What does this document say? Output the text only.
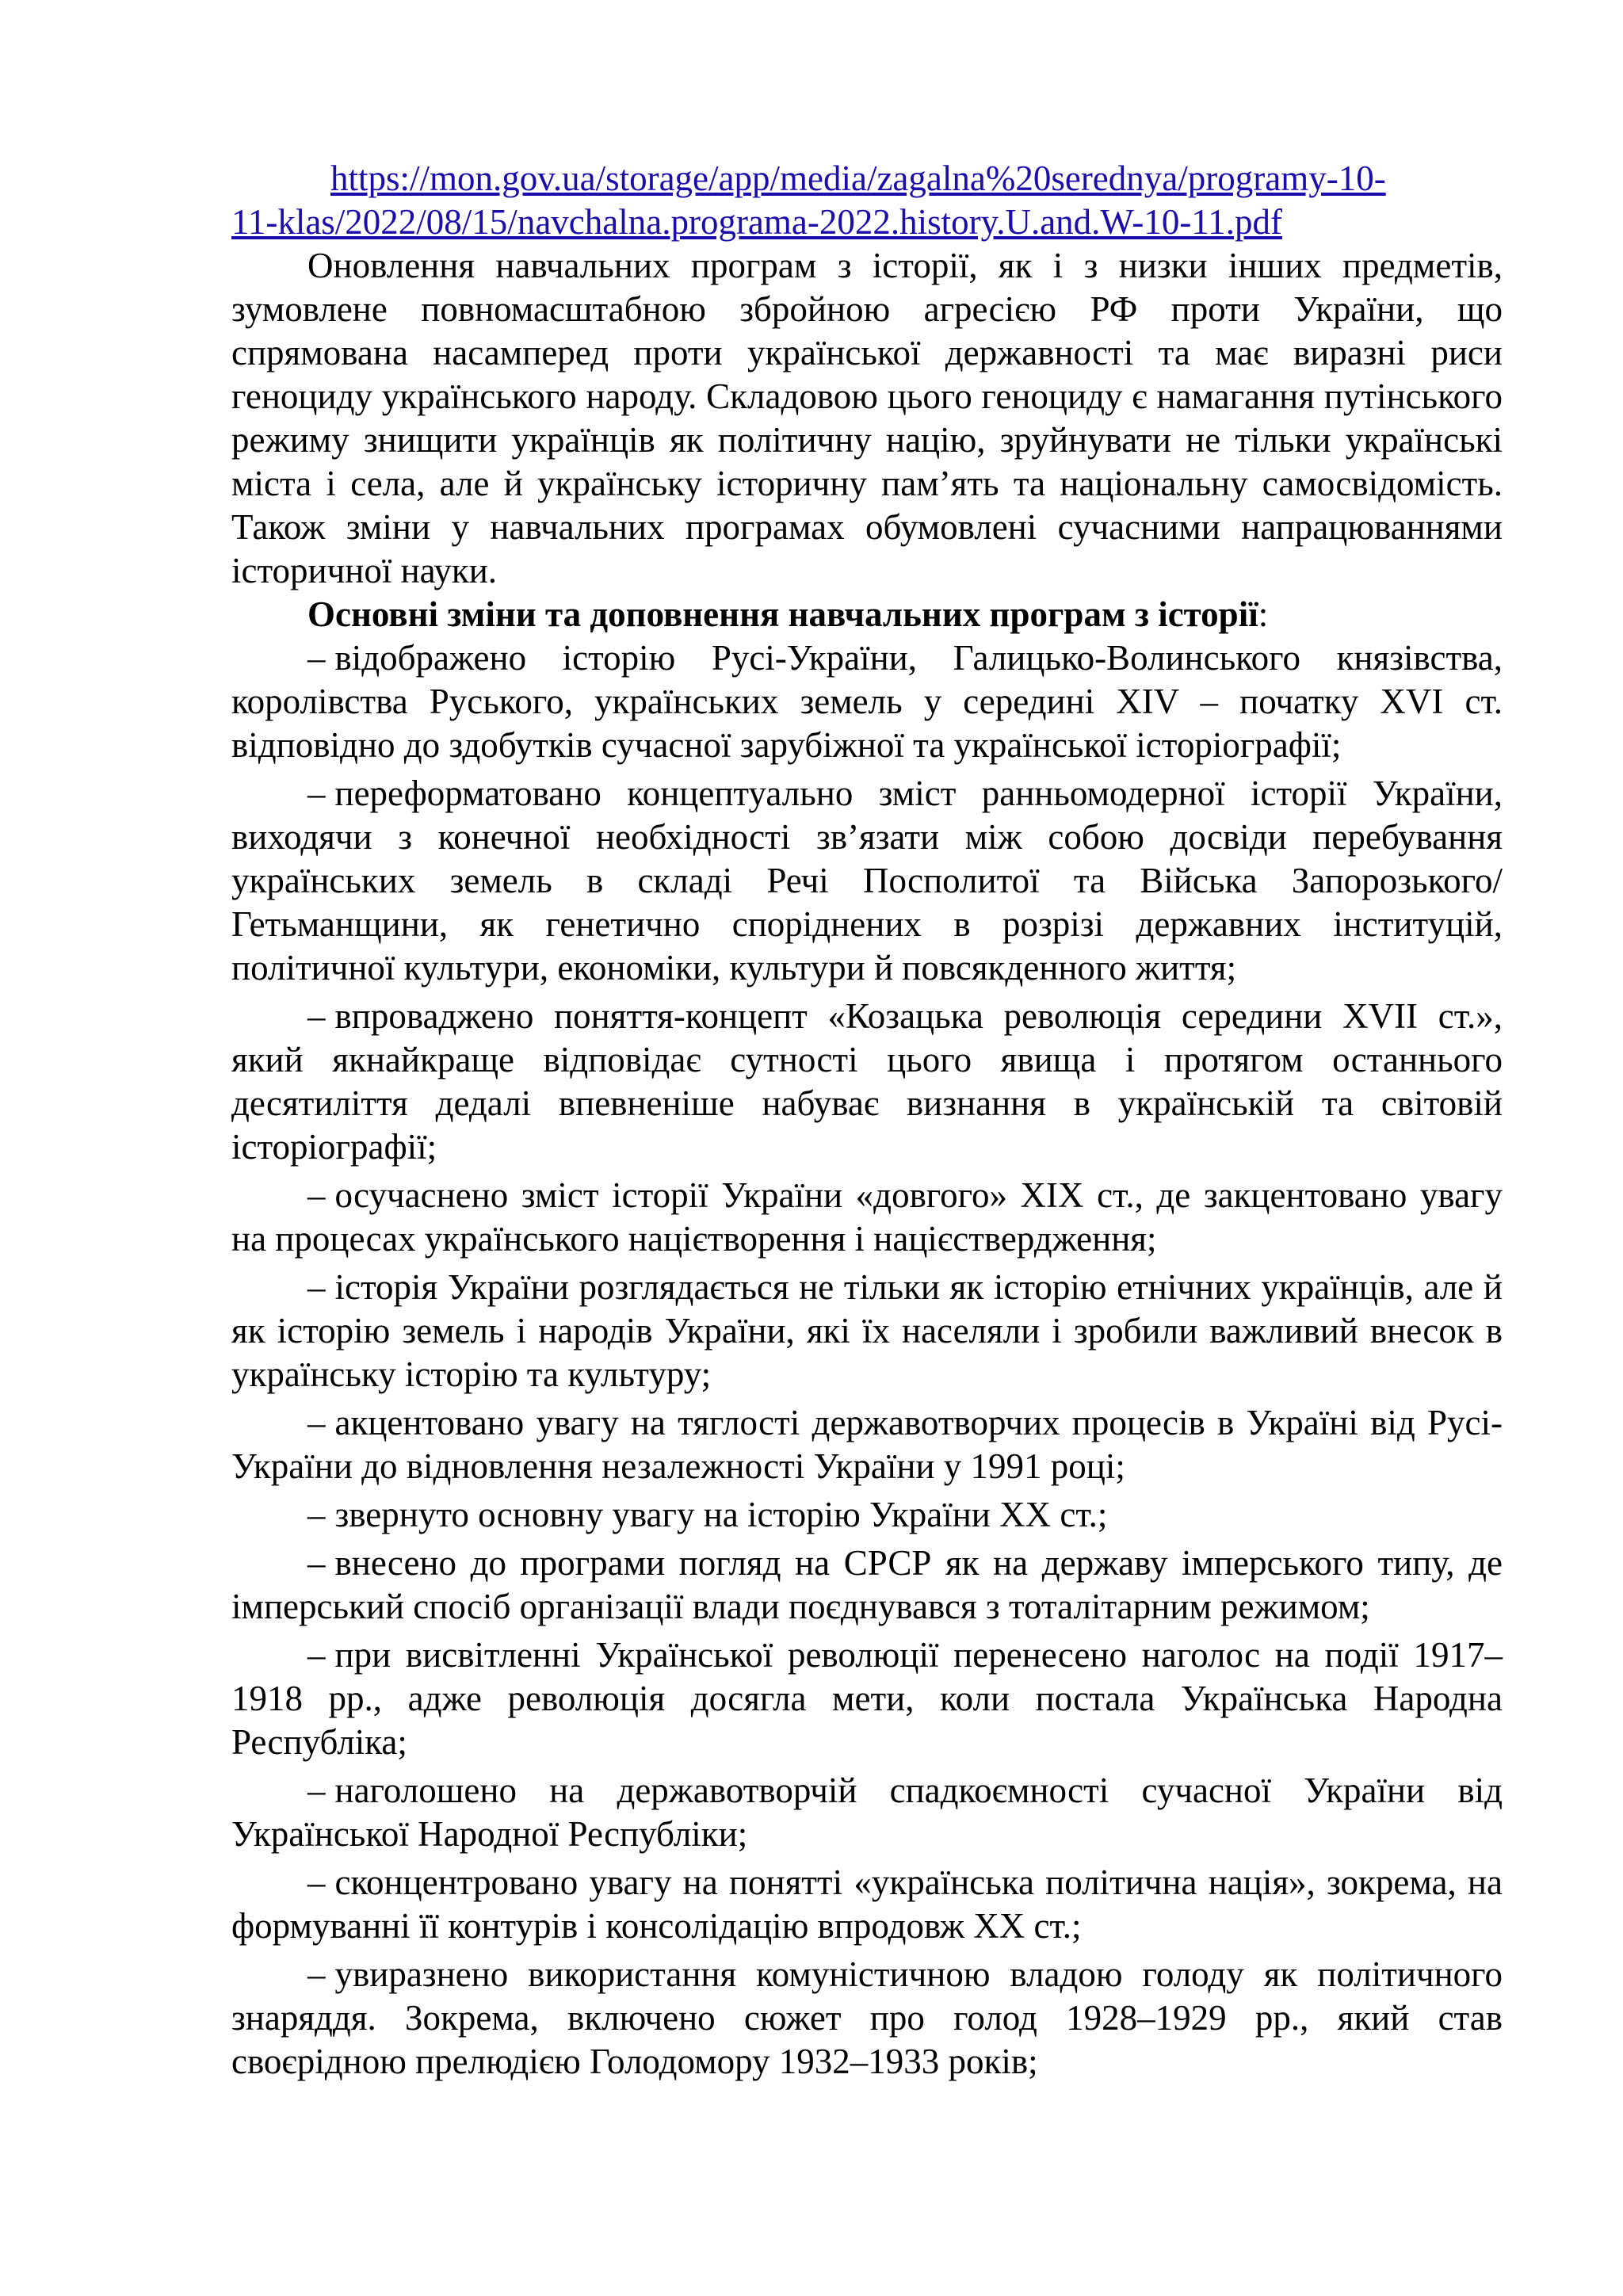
https://mon.gov.ua/storage/app/media/zagalna%20serednya/programy-10-
11-klas/2022/08/15/navchalna.programa-2022.history.U.and.W-10-11.pdf

Оновлення навчальних програм з історії, як і з низки інших предметів, зумовлене повномасштабною збройною агресією РФ проти України, що спрямована насамперед проти української державності та має виразні риси геноциду українського народу. Складовою цього геноциду є намагання путінського режиму знищити українців як політичну націю, зруйнувати не тільки українські міста і села, але й українську історичну пам’ять та національну самосвідомість. Також зміни у навчальних програмах обумовлені сучасними напрацюваннями історичної науки.

Основні зміни та доповнення навчальних програм з історії:

– відображено історію Русі-України, Галицько-Волинського князівства, королівства Руського, українських земель у середині XIV – початку XVI ст. відповідно до здобутків сучасної зарубіжної та української історіографії;

– переформатовано концептуально зміст ранньомодерної історії України, виходячи з конечної необхідності зв’язати між собою досвіди перебування українських земель в складі Речі Посполитої та Війська Запорозького/Гетьманщини, як генетично споріднених в розрізі державних інституцій, політичної культури, економіки, культури й повсякденного життя;

– впроваджено поняття-концепт «Козацька революція середини XVII ст.», який якнайкраще відповідає сутності цього явища і протягом останнього десятиліття дедалі впевненіше набуває визнання в українській та світовій історіографії;

– осучаснено зміст історії України «довгого» XIX ст., де закцентовано увагу на процесах українського націєтворення і націєствердження;

– історія України розглядається не тільки як історію етнічних українців, але й як історію земель і народів України, які їх населяли і зробили важливий внесок в українську історію та культуру;

– акцентовано увагу на тяглості державотворчих процесів в Україні від Русі-України до відновлення незалежності України у 1991 році;

– звернуто основну увагу на історію України XX ст.;

– внесено до програми погляд на СРСР як на державу імперського типу, де імперський спосіб організації влади поєднувався з тоталітарним режимом;

– при висвітленні Української революції перенесено наголос на події 1917–1918 рр., адже революція досягла мети, коли постала Українська Народна Республіка;

– наголошено на державотворчій спадкоємності сучасної України від Української Народної Республіки;

– сконцентровано увагу на понятті «українська політична нація», зокрема, на формуванні її контурів і консолідацію впродовж XX ст.;

– увиразнено використання комуністичною владою голоду як політичного знаряддя. Зокрема, включено сюжет про голод 1928–1929 рр., який став своєрідною прелюдією Голодомору 1932–1933 років;
